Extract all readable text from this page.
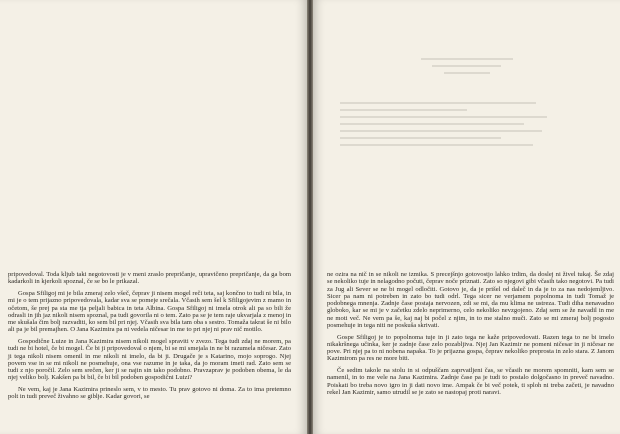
pripovedoval. Toda kljub taki negotovosti je v meni zraslo prepričanje, upravičeno prepričanje, da ga bom kadarkoli in kjerkoli spoznal, če se bo le prikazal.

Gospa Sfiligoj mi je bila zmeraj zelo všeč, čeprav ji nisem mogel reči teta, saj končno to tudi ni bila, in mi je o tem prijazno pripovedovala, kadar sva se pomeje srečala. Včasih sem šel k Sfiligojevim z mamo in očetom, še prej pa sta me tja peljali babica in teta Albina. Gospa Sfiligoj ni imela otrok ali pa so bili že odrasli in jih jaz nikoli nisem spoznal, pa tudi govorila ni o tem. Zato pa se je tem raje ukvarjala z menoj in me skušala čim bolj razvaditi, ko sem bil pri njej. Včasih sva bila tam oba s sestro. Tomaža takrat še ni bilo ali pa je bil premajhen. O Jana Kazimira pa ni vedela ničesar in me to pri njej ni prav nič motilo.

Gospodične Luize in Jana Kazimira nisem nikoli mogel spraviti v zvezo. Tega tudi zdaj ne morem, pa tudi ne bi hotel, če bi mogel. Če bi ji pripovedoval o njem, bi se mi smejala in ne bi razumela ničesar. Zato ji tega nikoli nisem omenil in me nikoli ni imelo, da bi ji. Drugače je s Katarino, mojo soprogo. Njej povem vse in se mi nikoli ne posmehuje, ona vse razume in je taka, da jo moram imeti rad. Zato sem se tudi z njo poročil. Zelo sem srečen, ker ji se najin sin tako podobno. Pravzaprav je podoben obema, le da njej veliko bolj. Kakšen pa bi bil, če bi bil podoben gospodični Luizi?

Ne vem, kaj je Jana Kazimira prineslo sem, v to mesto. Tu prav gotovo ni doma. Za to ima pretemno polt in tudi preveč živahno se giblje. Kadar govori, se

ne ozira na nič in se nikoli ne izmika. S precejšnjo gotovostjo lahko trdim, da doslej ni živel tukaj. Še zdaj se nekoliko tuje in nelagodno počuti, čeprav noče priznati. Zato so njegovi gibi včasih tako negotovi. Pa tudi za Jug ali Sever se ne bi mogel odločiti. Gotovo je, da je prišel od daleč in da je to za nas nedojemljivo. Sicer pa nam ni potreben in zato bo tudi odrl. Tega sicer ne verjamem popolnoma in tudi Tomaž je podobnega mnenja. Zadnje čase postaja nervozen, zdi se mi, da mu klima ne ustreza. Tudi diha nenavadno globoko, kar se mi je v začetku zdelo neprimerno, celo nekoliko nevzgojeno. Zdaj sem se že navadil in me ne moti več. Ne vem pa še, kaj naj bi počel z njim, in to me stalno muči. Zato se mi zmeraj bolj pogosto posmehuje in tega niti ne poskuša skrivati.

Gospe Sfiligoj je to popolnoma tuje in ji zato tega ne kaže pripovedovati. Razen tega to ne bi imelo nikakršnega učinka, ker je zadnje čase zelo pozabljiva. Njej Jan Kazimir ne pomeni ničesar in ji ničesar ne pove. Pri njej pa to ni nobena napaka. To je prijazna gospa, čeprav nekoliko preprosta in zelo stara. Z Janom Kazimirom pa res ne more biti.

Če sedim takole na stolu in si odpuščam zaprvatljeni čas, se včasih ne morem spomniti, kam sem se namenil, in to me vele na Jana Kazimira. Zadnje čase pa je tudi to postalo dolgočasno in preveč navadno. Poiskati bo treba novo igro in ji dati novo ime. Ampak če bi več potek, ti sploh ni treba začeti, je navadno rekel Jan Kazimir, samo utrudil se je zato se nastopaj proti naravi.
